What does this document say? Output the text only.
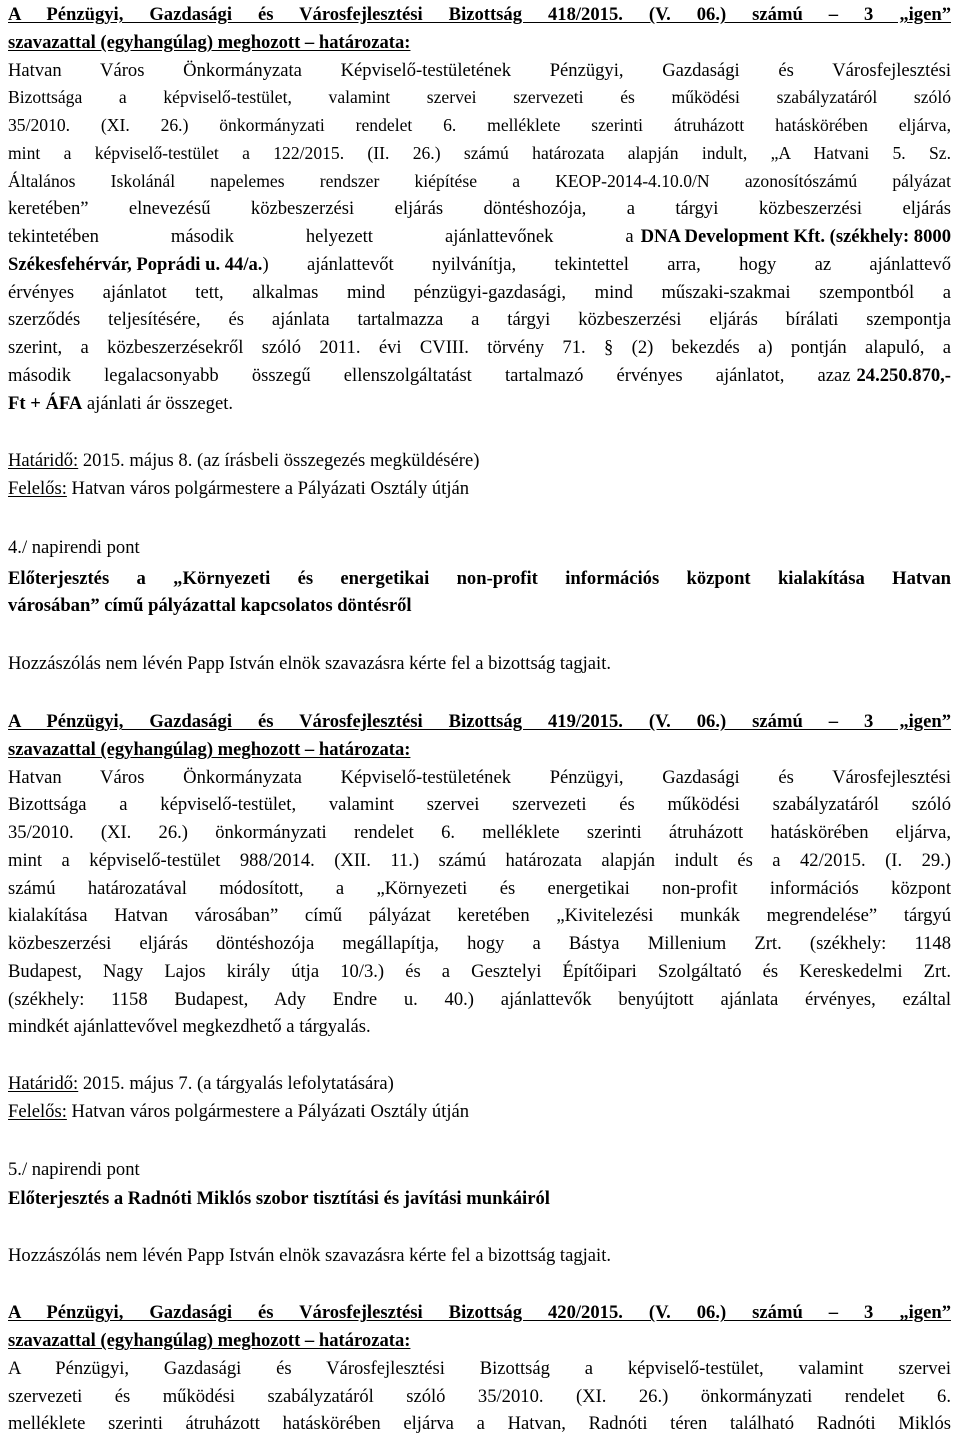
A Pénzügyi, Gazdasági és Városfejlesztési Bizottság 418/2015. (V. 06.) számú – 3 „igen”
szavazattal (egyhangúlag) meghozott – határozata:
Hatvan Város Önkormányzata Képviselő-testületének Pénzügyi, Gazdasági és Városfejlesztési
Bizottsága a képviselő-testület, valamint szervei szervezeti és működési szabályzatáról szóló
35/2010. (XI. 26.) önkormányzati rendelet 6. melléklete szerinti átruházott hatáskörében eljárva,
mint a képviselő-testület a 122/2015. (II. 26.) számú határozata alapján indult, „A Hatvani 5. Sz.
Általános Iskolánál napelemes rendszer kiépítése a KEOP-2014-4.10.0/N azonosítószámú pályázat
keretében” elnevezésű közbeszerzési eljárás döntéshozója, a tárgyi közbeszerzési eljárás
tekintetében második helyezett ajánlattevőnek a DNA Development Kft. (székhely: 8000
Székesfehérvár, Poprádi u. 44/a. ) ajánlattevőt nyilvánítja, tekintettel arra, hogy az ajánlattevő
érvényes ajánlatot tett, alkalmas mind pénzügyi-gazdasági, mind műszaki-szakmai szempontból a
szerződés teljesítésére, és ajánlata tartalmazza a tárgyi közbeszerzési eljárás bírálati szempontja
szerint, a közbeszerzésekről szóló 2011. évi CVIII. törvény 71. § (2) bekezdés a) pontján alapuló, a
második legalacsonyabb összegű ellenszolgáltatást tartalmazó érvényes ajánlatot, azaz 24.250.870,-
Ft + ÁFA ajánlati ár összeget.
Határidő: 2015. május 8. (az írásbeli összegezés megküldésére)
Felelős: Hatvan város polgármestere a Pályázati Osztály útján
4./ napirendi pont
Előterjesztés a „Környezeti és energetikai non-profit információs központ kialakítása Hatvan
városában” című pályázattal kapcsolatos döntésről
Hozzászólás nem lévén Papp István elnök szavazásra kérte fel a bizottság tagjait.
A Pénzügyi, Gazdasági és Városfejlesztési Bizottság 419/2015. (V. 06.) számú – 3 „igen”
szavazattal (egyhangúlag) meghozott – határozata:
Hatvan Város Önkormányzata Képviselő-testületének Pénzügyi, Gazdasági és Városfejlesztési
Bizottsága a képviselő-testület, valamint szervei szervezeti és működési szabályzatáról szóló
35/2010. (XI. 26.) önkormányzati rendelet 6. melléklete szerinti átruházott hatáskörében eljárva,
mint a képviselő-testület 988/2014. (XII. 11.) számú határozata alapján indult és a 42/2015. (I. 29.)
számú határozatával módosított, a „Környezeti és energetikai non-profit információs központ
kialakítása Hatvan városában” című pályázat keretében „Kivitelezési munkák megrendelése” tárgyú
közbeszerzési eljárás döntéshozója megállapítja, hogy a Bástya Millenium Zrt. (székhely: 1148
Budapest, Nagy Lajos király útja 10/3.) és a Gesztelyi Építőipari Szolgáltató és Kereskedelmi Zrt.
(székhely: 1158 Budapest, Ady Endre u. 40.) ajánlattevők benyújtott ajánlata érvényes, ezáltal
mindkét ajánlattevővel megkezdhető a tárgyalás.
Határidő: 2015. május 7. (a tárgyalás lefolytatására)
Felelős: Hatvan város polgármestere a Pályázati Osztály útján
5./ napirendi pont
Előterjesztés a Radnóti Miklós szobor tisztítási és javítási munkáiról
Hozzászólás nem lévén Papp István elnök szavazásra kérte fel a bizottság tagjait.
A Pénzügyi, Gazdasági és Városfejlesztési Bizottság 420/2015. (V. 06.) számú – 3 „igen”
szavazattal (egyhangúlag) meghozott – határozata:
A Pénzügyi, Gazdasági és Városfejlesztési Bizottság a képviselő-testület, valamint szervei
szervezeti és működési szabályzatáról szóló 35/2010. (XI. 26.) önkormányzati rendelet 6.
melléklete szerinti átruházott hatáskörében eljárva a Hatvan, Radnóti téren található Radnóti Miklós
